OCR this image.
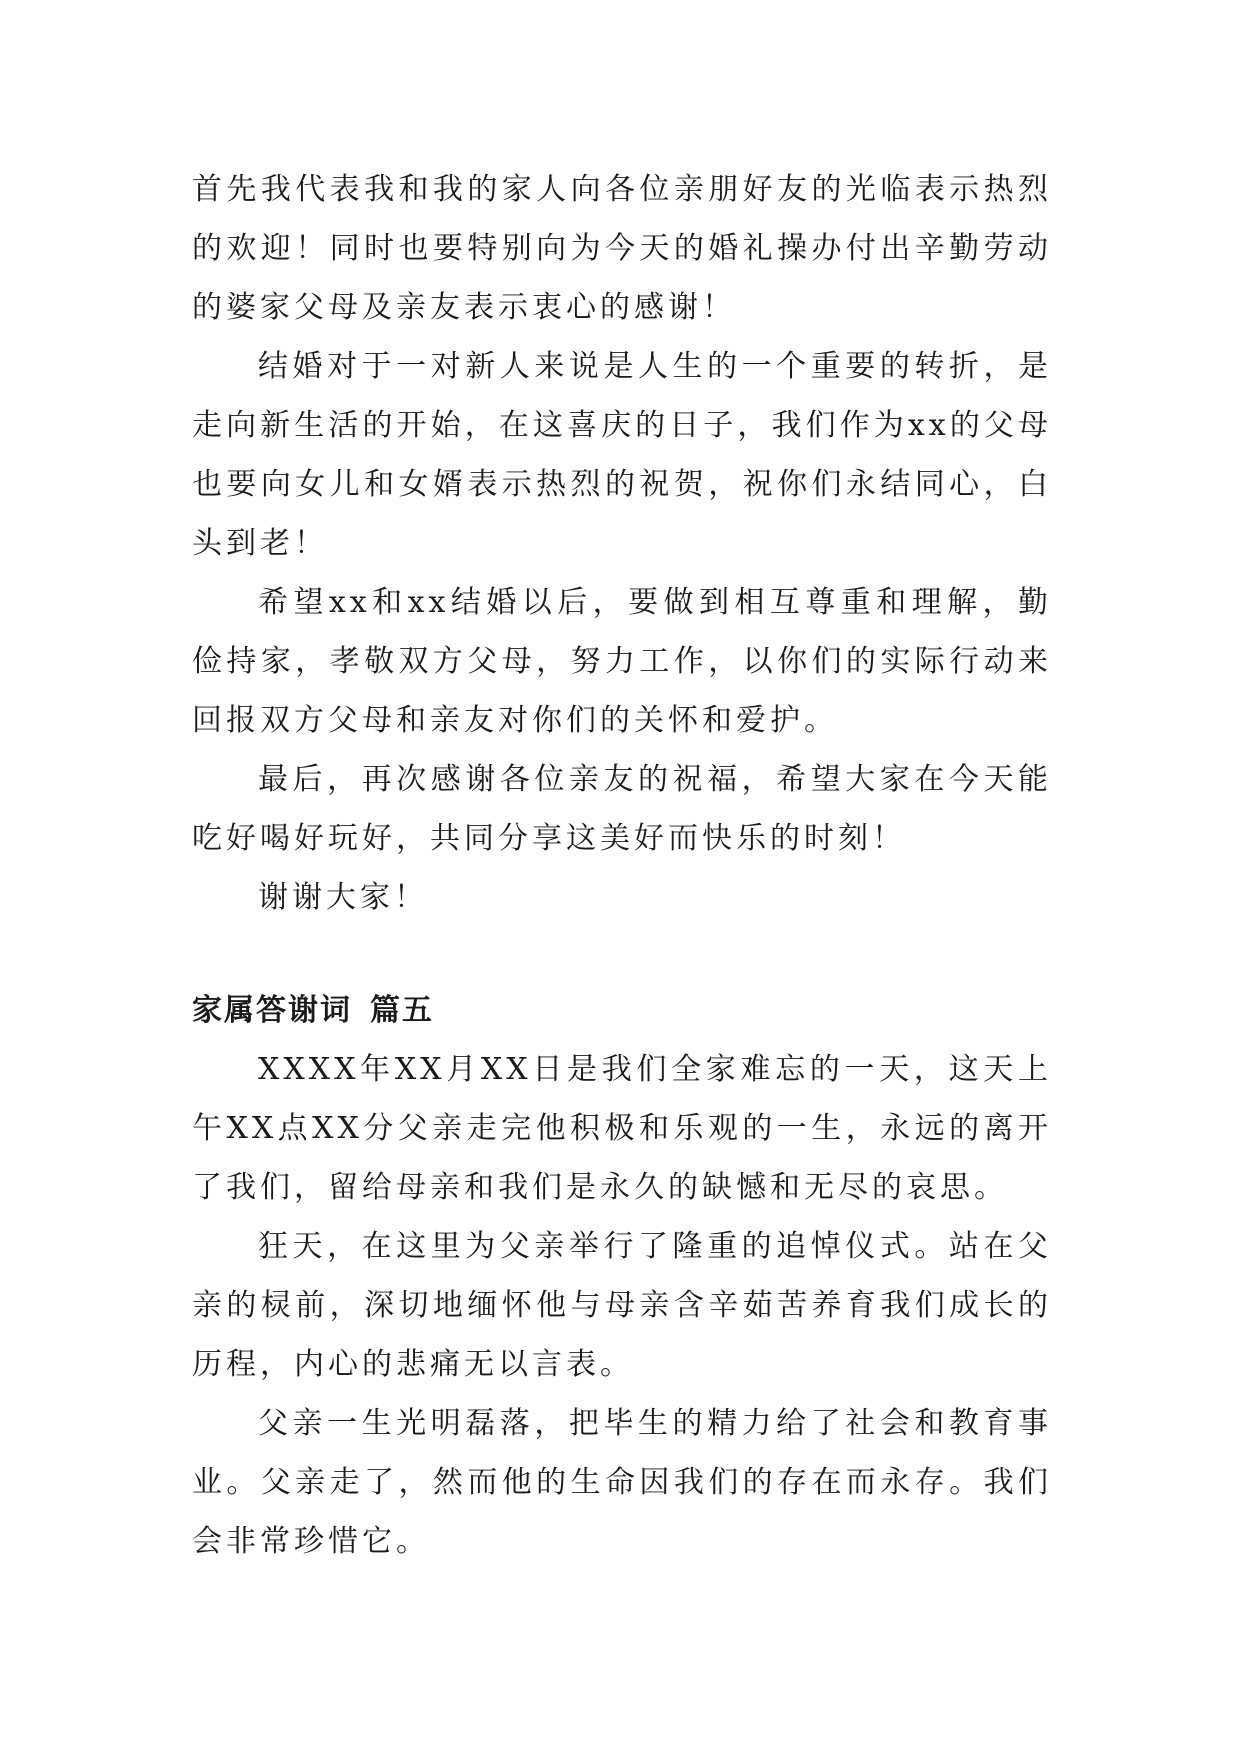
首先我代表我和我的家人向各位亲朋好友的光临表示热烈的欢迎！同时也要特别向为今天的婚礼操办付出辛勤劳动的婆家父母及亲友表示衷心的感谢！

结婚对于一对新人来说是人生的一个重要的转折，是走向新生活的开始，在这喜庆的日子，我们作为xx的父母也要向女儿和女婿表示热烈的祝贺，祝你们永结同心，白头到老！

希望xx和xx结婚以后，要做到相互尊重和理解，勤俭持家，孝敬双方父母，努力工作，以你们的实际行动来回报双方父母和亲友对你们的关怀和爱护。

最后，再次感谢各位亲友的祝福，希望大家在今天能吃好喝好玩好，共同分享这美好而快乐的时刻！

谢谢大家！

家属答谢词 篇五

XXXX年XX月XX日是我们全家难忘的一天，这天上午XX点XX分父亲走完他积极和乐观的一生，永远的离开了我们，留给母亲和我们是永久的缺憾和无尽的哀思。

狂天，在这里为父亲举行了隆重的追悼仪式。站在父亲的棂前，深切地缅怀他与母亲含辛茹苦养育我们成长的历程，内心的悲痛无以言表。

父亲一生光明磊落，把毕生的精力给了社会和教育事业。父亲走了，然而他的生命因我们的存在而永存。我们会非常珍惜它。
